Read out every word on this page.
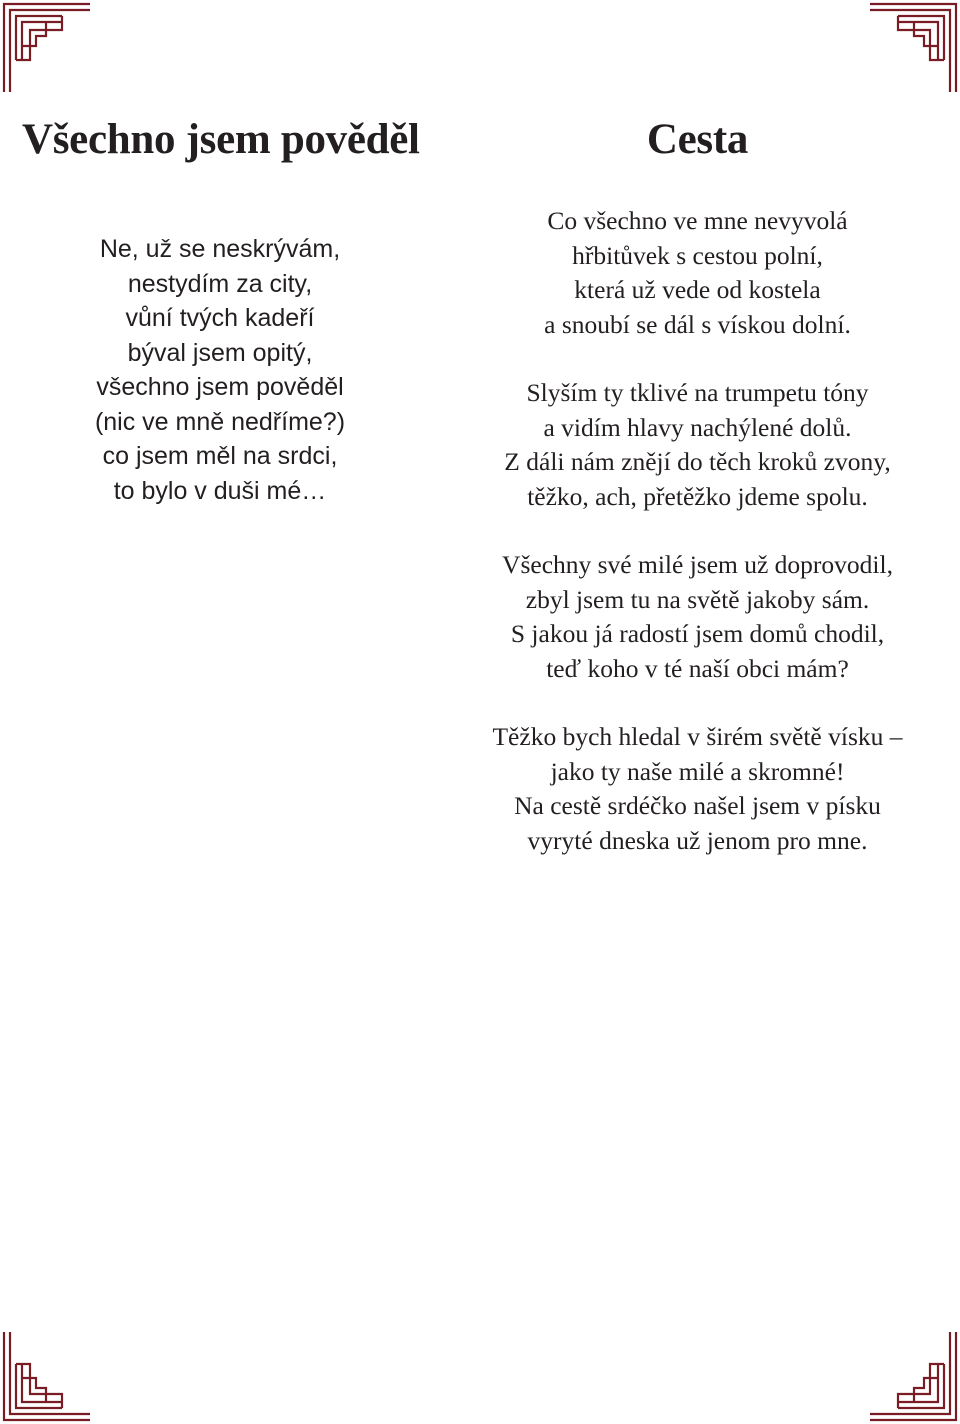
Všechno jsem pověděl
Ne, už se neskrývám,
nestydím za city,
vůní tvých kadeří
býval jsem opitý,
všechno jsem pověděl
(nic ve mně nedříme?)
co jsem měl na srdci,
to bylo v duši mé…
Cesta
Co všechno ve mne nevyvolá
hřbitůvek s cestou polní,
která už vede od kostela
a snoubí se dál s vískou dolní.
Slyším ty tklivé na trumpetu tóny
a vidím hlavy nachýlené dolů.
Z dáli nám znějí do těch kroků zvony,
těžko, ach, přetěžko jdeme spolu.
Všechny své milé jsem už doprovodil,
zbyl jsem tu na světě jakoby sám.
S jakou já radostí jsem domů chodil,
teď koho v té naší obci mám?
Těžko bych hledal v širém světě vísku –
jako ty naše milé a skromné!
Na cestě srdéčko našel jsem v písku
vyryté dneska už jenom pro mne.
